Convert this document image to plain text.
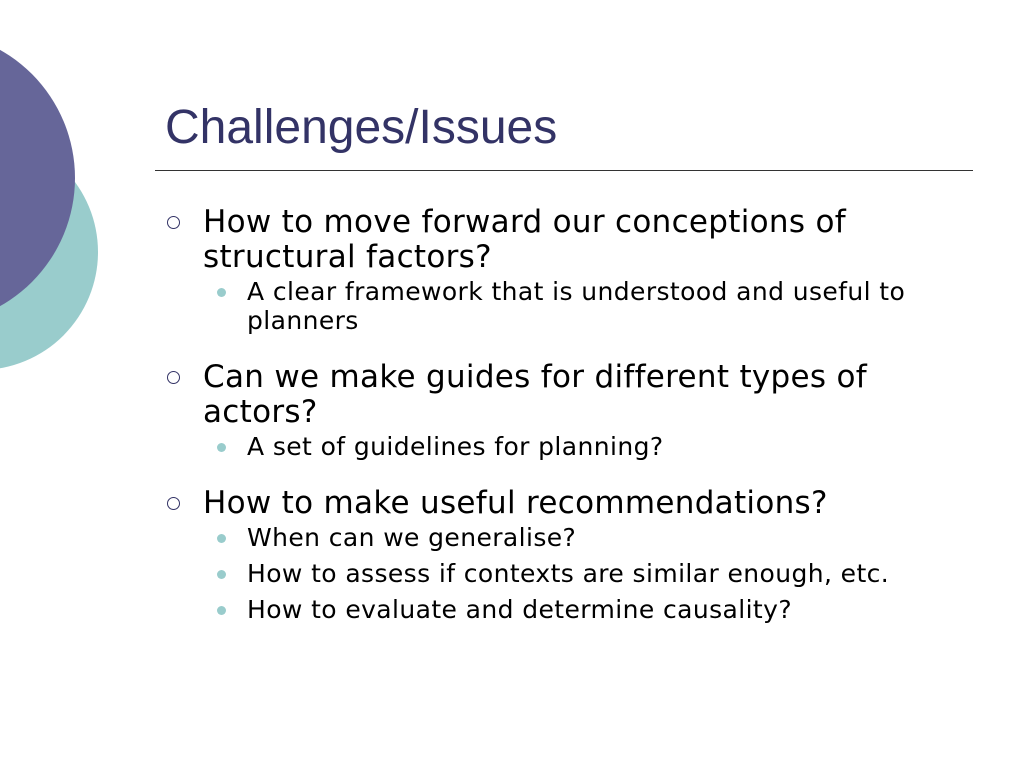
Challenges/Issues
How to move forward our conceptions of structural factors?
A clear framework that is understood and useful to planners
Can we make guides for different types of actors?
A set of guidelines for planning?
How to make useful recommendations?
When can we generalise?
How to assess if contexts are similar enough, etc.
How to evaluate and determine causality?
